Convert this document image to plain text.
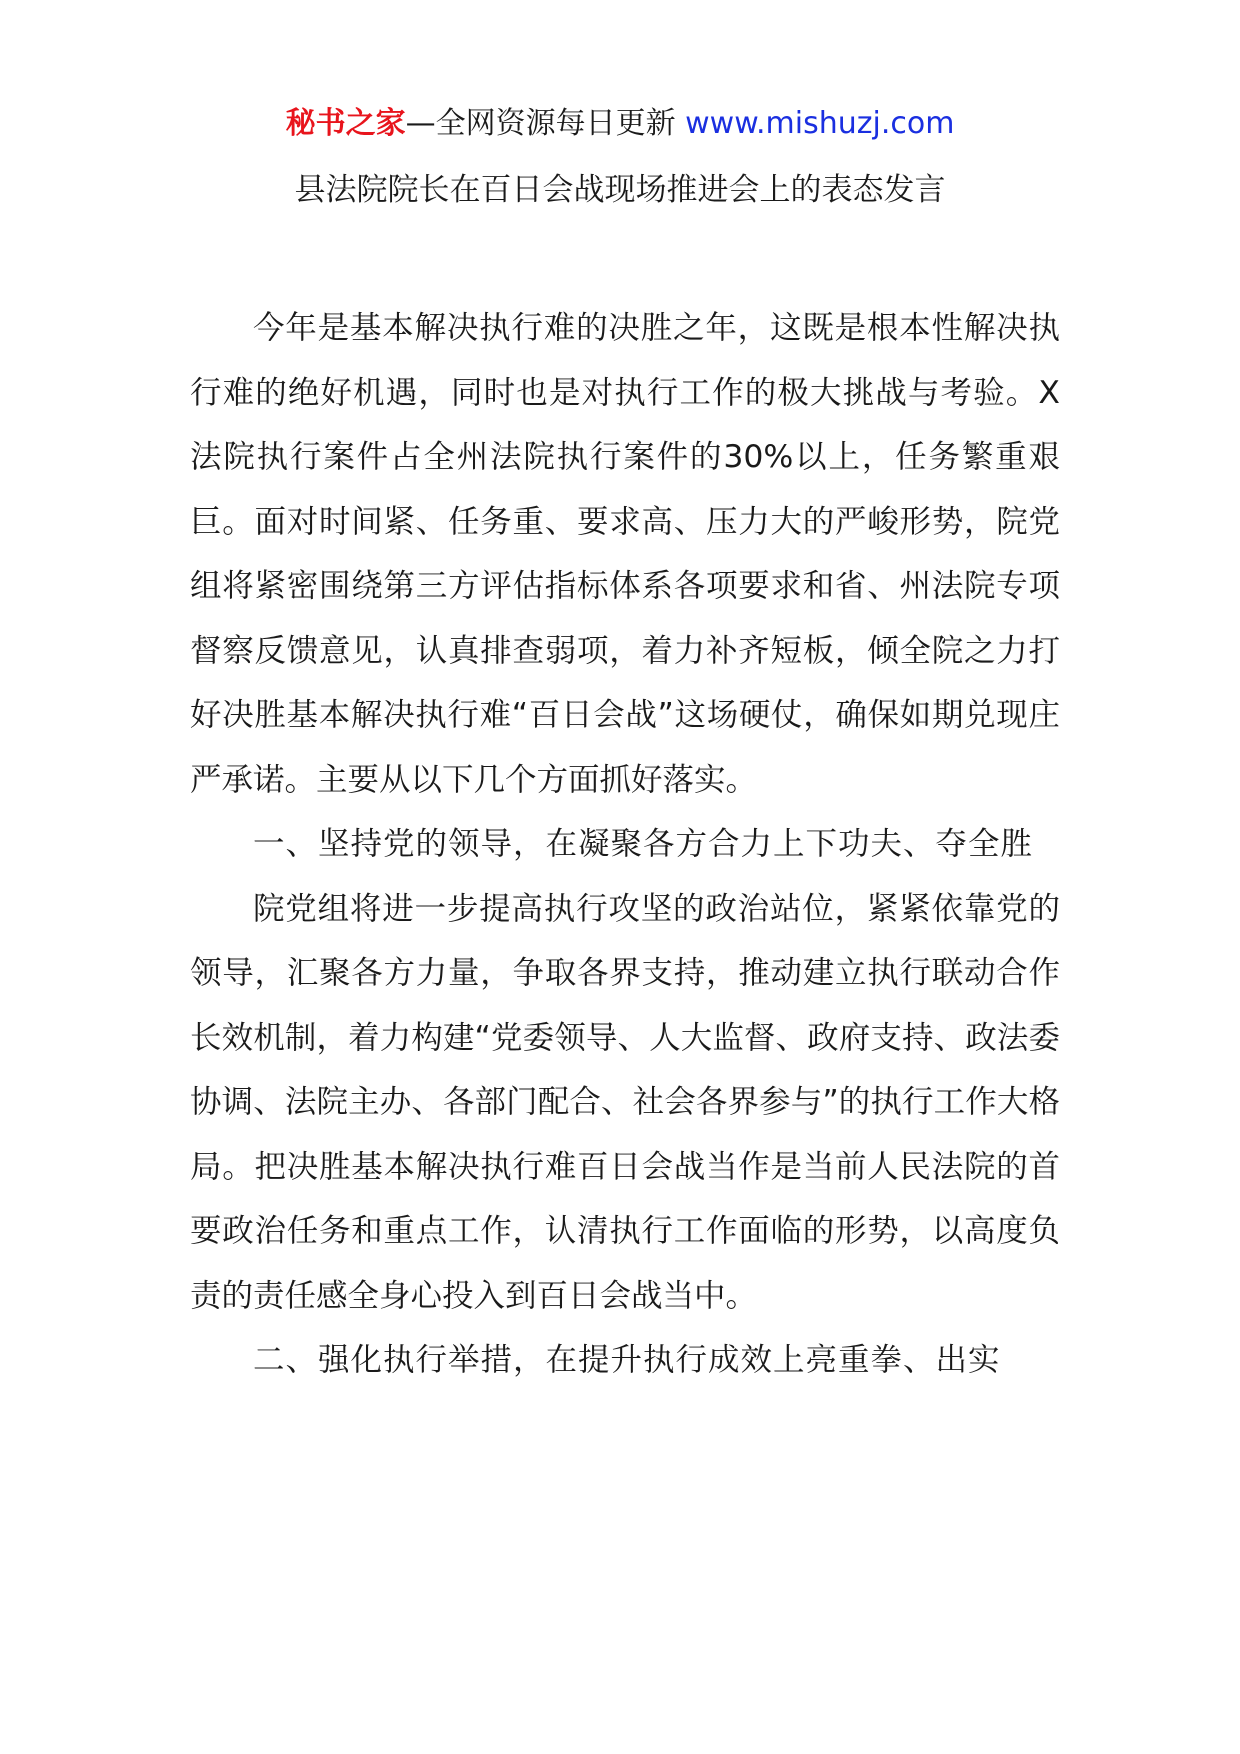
秘书之家—全网资源每日更新 www.mishuzj.com
县法院院长在百日会战现场推进会上的表态发言

今年是基本解决执行难的决胜之年，这既是根本性解决执行难的绝好机遇，同时也是对执行工作的极大挑战与考验。X法院执行案件占全州法院执行案件的30%以上，任务繁重艰巨。面对时间紧、任务重、要求高、压力大的严峻形势，院党组将紧密围绕第三方评估指标体系各项要求和省、州法院专项督察反馈意见，认真排查弱项，着力补齐短板，倾全院之力打好决胜基本解决执行难“百日会战”这场硬仗，确保如期兑现庄严承诺。主要从以下几个方面抓好落实。

一、坚持党的领导，在凝聚各方合力上下功夫、夺全胜

院党组将进一步提高执行攻坚的政治站位，紧紧依靠党的领导，汇聚各方力量，争取各界支持，推动建立执行联动合作长效机制，着力构建“党委领导、人大监督、政府支持、政法委协调、法院主办、各部门配合、社会各界参与”的执行工作大格局。把决胜基本解决执行难百日会战当作是当前人民法院的首要政治任务和重点工作，认清执行工作面临的形势，以高度负责的责任感全身心投入到百日会战当中。

二、强化执行举措，在提升执行成效上亮重拳、出实
